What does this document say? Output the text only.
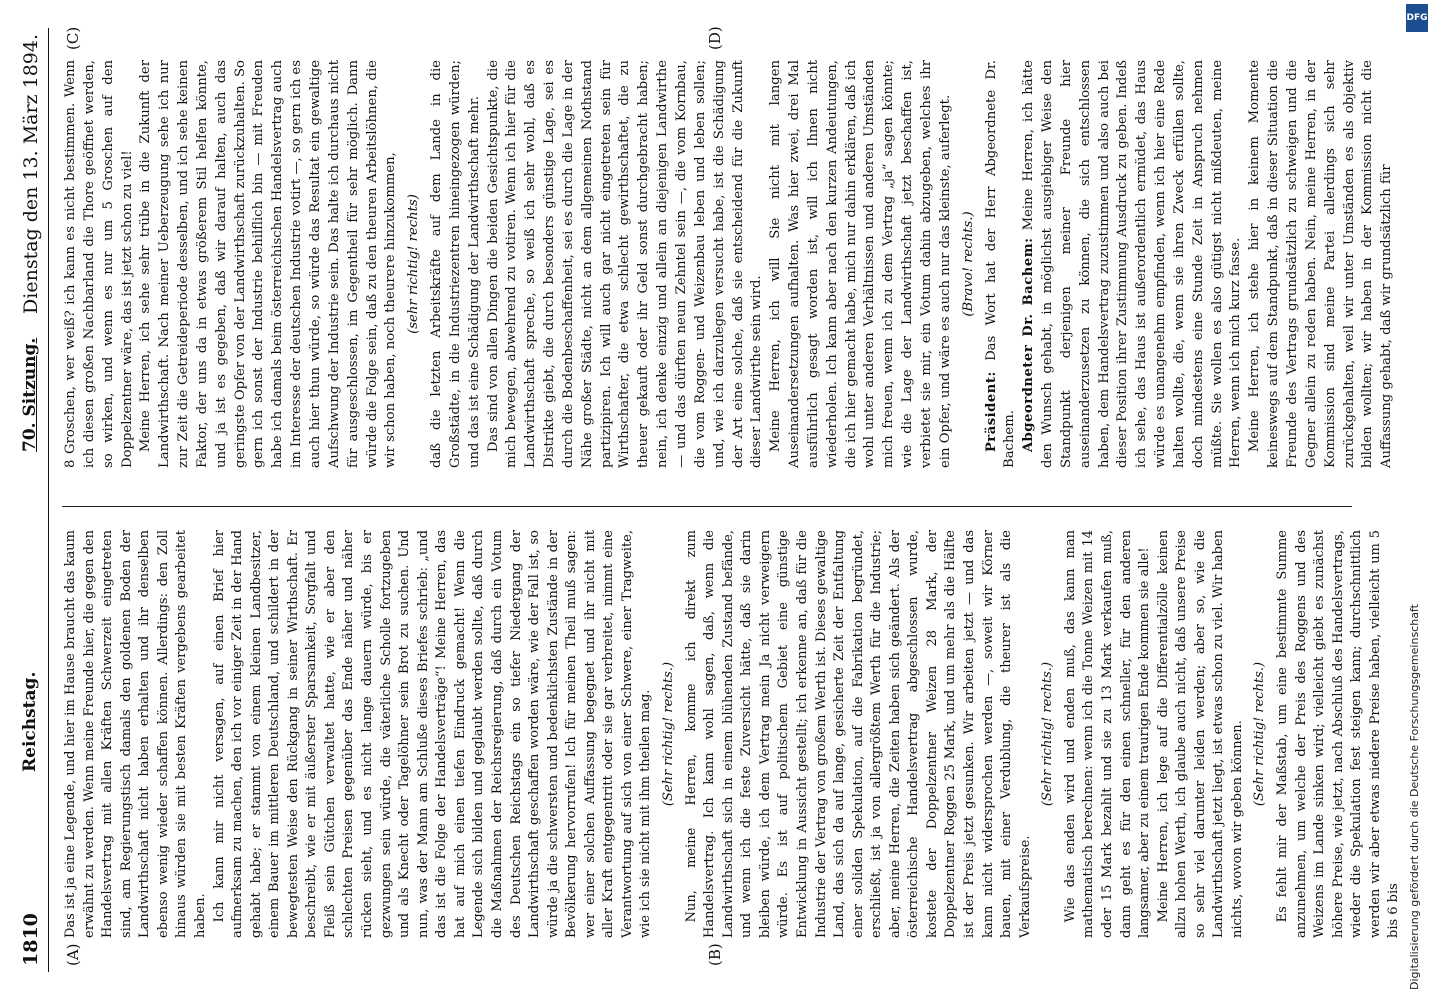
1810
Reichstag.
70. Sitzung.
Dienstag den 13. März 1894.
(A)	(B)
(C)	(D)

Das ist ja eine Legende, und hier im Hause braucht das kaum erwähnt zu werden. Wenn meine Freunde hier, die gegen den Handelsvertrag mit allen Kräften Schwerzeit eingetreten sind, am Regierungstisch damals den goldenen Boden der Landwirthschaft nicht haben erhalten und ihr denselben ebenso wenig wieder schaffen können. Allerdings: den Zoll hinaus würden sie mit besten Kräften vergebens gearbeitet haben. Ich kann mir nicht versagen, auf einen Brief hier aufmerksam zu machen, den ich vor einiger Zeit in der Hand gehabt habe; er stammt von einem kleinen Landbesitzer, einem Bauer im mittleren Deutschland, und schildert in der bewegtesten Weise den Rückgang in seiner Wirthschaft. Er beschreibt, wie er mit äußerster Sparsamkeit, Sorgfalt und Fleiß sein Gütchen verwaltet hatte, wie er aber den schlechten Preisen gegenüber das Ende näher und näher rücken sieht, und es nicht lange dauern würde, bis er gezwungen sein würde, die väterliche Scholle fortzugeben und als Knecht oder Tagelöhner sein Brot zu suchen. Und nun, was der Mann am Schluße dieses Briefes schrieb: „und das ist die Folge der Handelsverträge“! Meine Herren, das hat auf mich einen tiefen Eindruck gemacht! Wenn die Legende sich bilden und geglaubt werden sollte, daß durch die Maßnahmen der Reichsregierung, daß durch ein Votum des Deutschen Reichstags ein so tiefer Niedergang der Landwirthschaft geschaffen worden wäre, wie der Fall ist, so würde ja die schwersten und bedenklichsten Zustände in der Bevölkerung hervorrufen! Ich für meinen Theil muß sagen: wer einer solchen Auffassung begegnet und ihr nicht mit aller Kraft entgegentritt oder sie gar verbreitet, nimmt eine Verantwortung auf sich von einer Schwere, einer Tragweite, wie ich sie nicht mit ihm theilen mag. (Sehr richtig! rechts.) Nun, meine Herren, komme ich direkt zum Handelsvertrag. Ich kann wohl sagen, daß, wenn die Landwirthschaft sich in einem blühenden Zustand befände, und wenn ich die feste Zuversicht hätte, daß sie darin bleiben würde, ich dem Vertrag mein Ja nicht verweigern würde. Es ist auf politischem Gebiet eine günstige Entwicklung in Aussicht gestellt; ich erkenne an, daß für die Industrie der Vertrag von großem Werth ist. Dieses gewaltige Land, das sich da auf lange, gesicherte Zeit der Entfaltung einer soliden Spekulation, auf die Fabrikation begründet, erschließt, ist ja von allergrößtem Werth für die Industrie; aber, meine Herren, die Zeiten haben sich geändert. Als der österreichische Handelsvertrag abgeschlossen wurde, kostete der Doppelzentner Weizen 28 Mark, der Doppelzentner Roggen 25 Mark, und um mehr als die Hälfte ist der Preis jetzt gesunken. Wir arbeiten jetzt — und das kann nicht widersprochen werden —, soweit wir Körner bauen, mit einer Verdublung, die theurer ist als die Verkaufspreise.

(Sehr richtig! rechts.) Wie das enden wird und enden muß, das kann man mathematisch berechnen: wenn ich die Tonne Weizen mit 14 oder 15 Mark bezahlt und sie zu 13 Mark verkaufen muß, dann geht es für den einen schneller, für den anderen langsamer, aber zu einem traurigen Ende kommen sie alle! Meine Herren, ich lege auf die Differentialzölle keinen allzu hohen Werth, ich glaube auch nicht, daß unsere Preise so sehr viel darunter leiden werden; aber so, wie die Landwirthschaft jetzt liegt, ist etwas schon zu viel. Wir haben nichts, wovon wir geben können. (Sehr richtig! rechts.) Es fehlt mir der Maßstab, um eine bestimmte Summe anzunehmen, um welche der Preis des Roggens und des Weizens im Lande sinken wird; vielleicht giebt es zunächst höhere Preise, wie jetzt, nach Abschluß des Handelsvertrags, wieder die Spekulation fest steigen kann; durchschnittlich werden wir aber etwas niedere Preise haben, vielleicht um 5 bis 6 bis

8 Groschen, wer weiß? ich kann es nicht bestimmen. Wenn ich diesen großen Nachbarland die Thore geöffnet werden, so wirken, und wenn es nur um 5 Groschen auf den Doppelzentner wäre, das ist jetzt schon zu viel! Meine Herren, ich sehe sehr trübe in die Zukunft der Landwirthschaft. Nach meiner Ueberzeugung sehe ich nur zur Zeit die Getreideperiode desselben, und ich sehe keinen Faktor, der uns da in etwas größerem Stil helfen könnte, und ja ist es gegeben, daß wir darauf halten, auch das geringste Opfer von der Landwirthschaft zurückzuhalten. So gern ich sonst der Industrie behilflich bin — mit Freuden habe ich damals beim österreichischen Handelsvertrag auch im Interesse der deutschen Industrie votirt —, so gern ich es auch hier thun würde, so würde das Resultat ein gewaltige Aufschwung der Industrie sein. Das halte ich durchaus nicht für ausgeschlossen, im Gegentheil für sehr möglich. Dann würde die Folge sein, daß zu den theuren Arbeitslöhnen, die wir schon haben, noch theurere hinzukommen, (sehr richtig! rechts) daß die letzten Arbeitskräfte auf dem Lande in die Großstädte, in die Industriezentren hineingezogen würden; und das ist eine Schädigung der Landwirthschaft mehr. Das sind von allen Dingen die beiden Gesichtspunkte, die mich bewegen, abwehrend zu votiren. Wenn ich hier für die Landwirthschaft spreche, so weiß ich sehr wohl, daß es Distrikte giebt, die durch besonders günstige Lage, sei es durch die Bodenbeschaffenheit, sei es durch die Lage in der Nähe großer Städte, nicht an dem allgemeinen Nothstand partizipiren. Ich will auch gar nicht eingetreten sein für Wirthschafter, die etwa schlecht gewirthschaftet, die zu theuer gekauft oder ihr Geld sonst durchgebracht haben; nein, ich denke einzig und allein an diejenigen Landwirthe — und das dürften neun Zehntel sein —, die vom Kornbau, die vom Roggen- und Weizenbau leben und leben sollen; und, wie ich darzulegen versucht habe, ist die Schädigung der Art eine solche, daß sie entscheidend für die Zukunft dieser Landwirthe sein wird. Meine Herren, ich will Sie nicht mit langen Auseinandersetzungen aufhalten. Was hier zwei, drei Mal ausführlich gesagt worden ist, will ich Ihnen nicht wiederholen. Ich kann aber nach den kurzen Andeutungen, die ich hier gemacht habe, mich nur dahin erklären, daß ich wohl unter anderen Verhältnissen und anderen Umständen mich freuen, wenn ich zu dem Vertrag „ja“ sagen könnte; wie die Lage der Landwirthschaft jetzt beschaffen ist, verbietet sie mir, ein Votum dahin abzugeben, welches ihr ein Opfer, und wäre es auch nur das kleinste, auferlegt. (Bravo! rechts.)

Präsident: Das Wort hat der Herr Abgeordnete Dr. Bachem. Abgeordneter Dr. Bachem: Meine Herren, ich hätte den Wunsch gehabt, in möglichst ausgiebiger Weise den Standpunkt derjenigen meiner Freunde hier auseinanderzusetzen zu können, die sich entschlossen haben, dem Handelsvertrag zuzustimmen und also auch bei dieser Position ihrer Zustimmung Ausdruck zu geben. Indeß ich sehe, das Haus ist außerordentlich ermüdet, das Haus würde es unangenehm empfinden, wenn ich hier eine Rede halten wollte, die, wenn sie ihren Zweck erfüllen sollte, doch mindestens eine Stunde Zeit in Anspruch nehmen müßte. Sie wollen es also gütigst nicht mißdeuten, meine Herren, wenn ich mich kurz fasse. Meine Herren, ich stehe hier in keinem Momente keineswegs auf dem Standpunkt, daß in dieser Situation die Freunde des Vertrags grundsätzlich zu schweigen und die Gegner allein zu reden haben. Nein, meine Herren, in der Kommission sind meine Partei allerdings sich sehr zurückgehalten, weil wir unter Umständen es als objektiv bilden wollten; wir haben in der Kommission nicht die Auffassung gehabt, daß wir grundsätzlich für

DFG
Digitalisierung gefördert durch die Deutsche Forschungsgemeinschaft
